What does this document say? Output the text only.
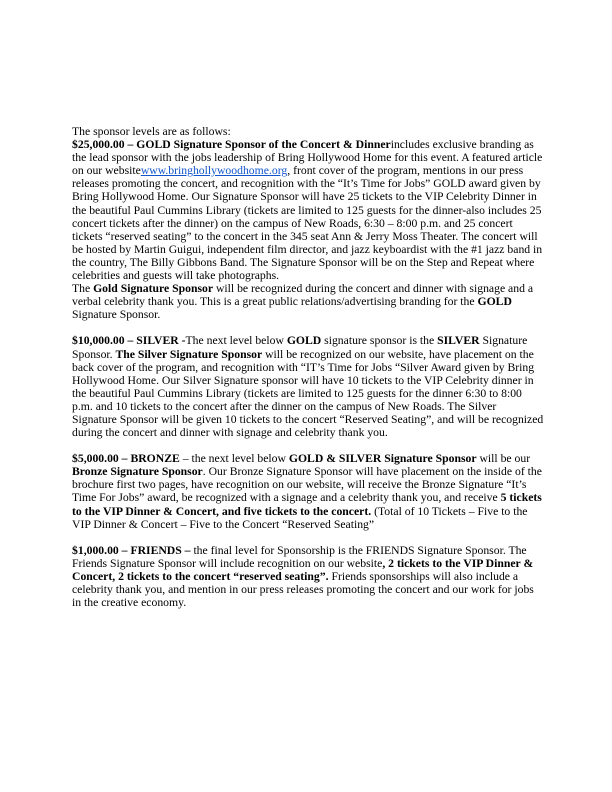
The sponsor levels are as follows:

$25,000.00 – GOLD Signature Sponsor of the Concert & Dinnerincludes exclusive branding as the lead sponsor with the jobs leadership of Bring Hollywood Home for this event. A featured article on our websitewww.bringhollywoodhome.org, front cover of the program, mentions in our press releases promoting the concert, and recognition with the “It’s Time for Jobs” GOLD award given by Bring Hollywood Home. Our Signature Sponsor will have 25 tickets to the VIP Celebrity Dinner in the beautiful Paul Cummins Library (tickets are limited to 125 guests for the dinner-also includes 25 concert tickets after the dinner) on the campus of New Roads, 6:30 – 8:00 p.m. and 25 concert tickets “reserved seating” to the concert in the 345 seat Ann & Jerry Moss Theater. The concert will be hosted by Martin Guigui, independent film director, and jazz keyboardist with the #1 jazz band in the country, The Billy Gibbons Band. The Signature Sponsor will be on the Step and Repeat where celebrities and guests will take photographs.
The Gold Signature Sponsor will be recognized during the concert and dinner with signage and a verbal celebrity thank you. This is a great public relations/advertising branding for the GOLD Signature Sponsor.

$10,000.00 – SILVER -The next level below GOLD signature sponsor is the SILVER Signature Sponsor. The Silver Signature Sponsor will be recognized on our website, have placement on the back cover of the program, and recognition with “IT’s Time for Jobs “Silver Award given by Bring Hollywood Home. Our Silver Signature sponsor will have 10 tickets to the VIP Celebrity dinner in the beautiful Paul Cummins Library (tickets are limited to 125 guests for the dinner 6:30 to 8:00 p.m. and 10 tickets to the concert after the dinner on the campus of New Roads. The Silver Signature Sponsor will be given 10 tickets to the concert “Reserved Seating”, and will be recognized during the concert and dinner with signage and celebrity thank you.

$5,000.00 – BRONZE – the next level below GOLD & SILVER Signature Sponsor will be our Bronze Signature Sponsor. Our Bronze Signature Sponsor will have placement on the inside of the brochure first two pages, have recognition on our website, will receive the Bronze Signature “It’s Time For Jobs” award, be recognized with a signage and a celebrity thank you, and receive 5 tickets to the VIP Dinner & Concert, and five tickets to the concert. (Total of 10 Tickets – Five to the VIP Dinner & Concert – Five to the Concert “Reserved Seating”

$1,000.00 – FRIENDS – the final level for Sponsorship is the FRIENDS Signature Sponsor. The Friends Signature Sponsor will include recognition on our website, 2 tickets to the VIP Dinner & Concert, 2 tickets to the concert “reserved seating”. Friends sponsorships will also include a celebrity thank you, and mention in our press releases promoting the concert and our work for jobs in the creative economy.
